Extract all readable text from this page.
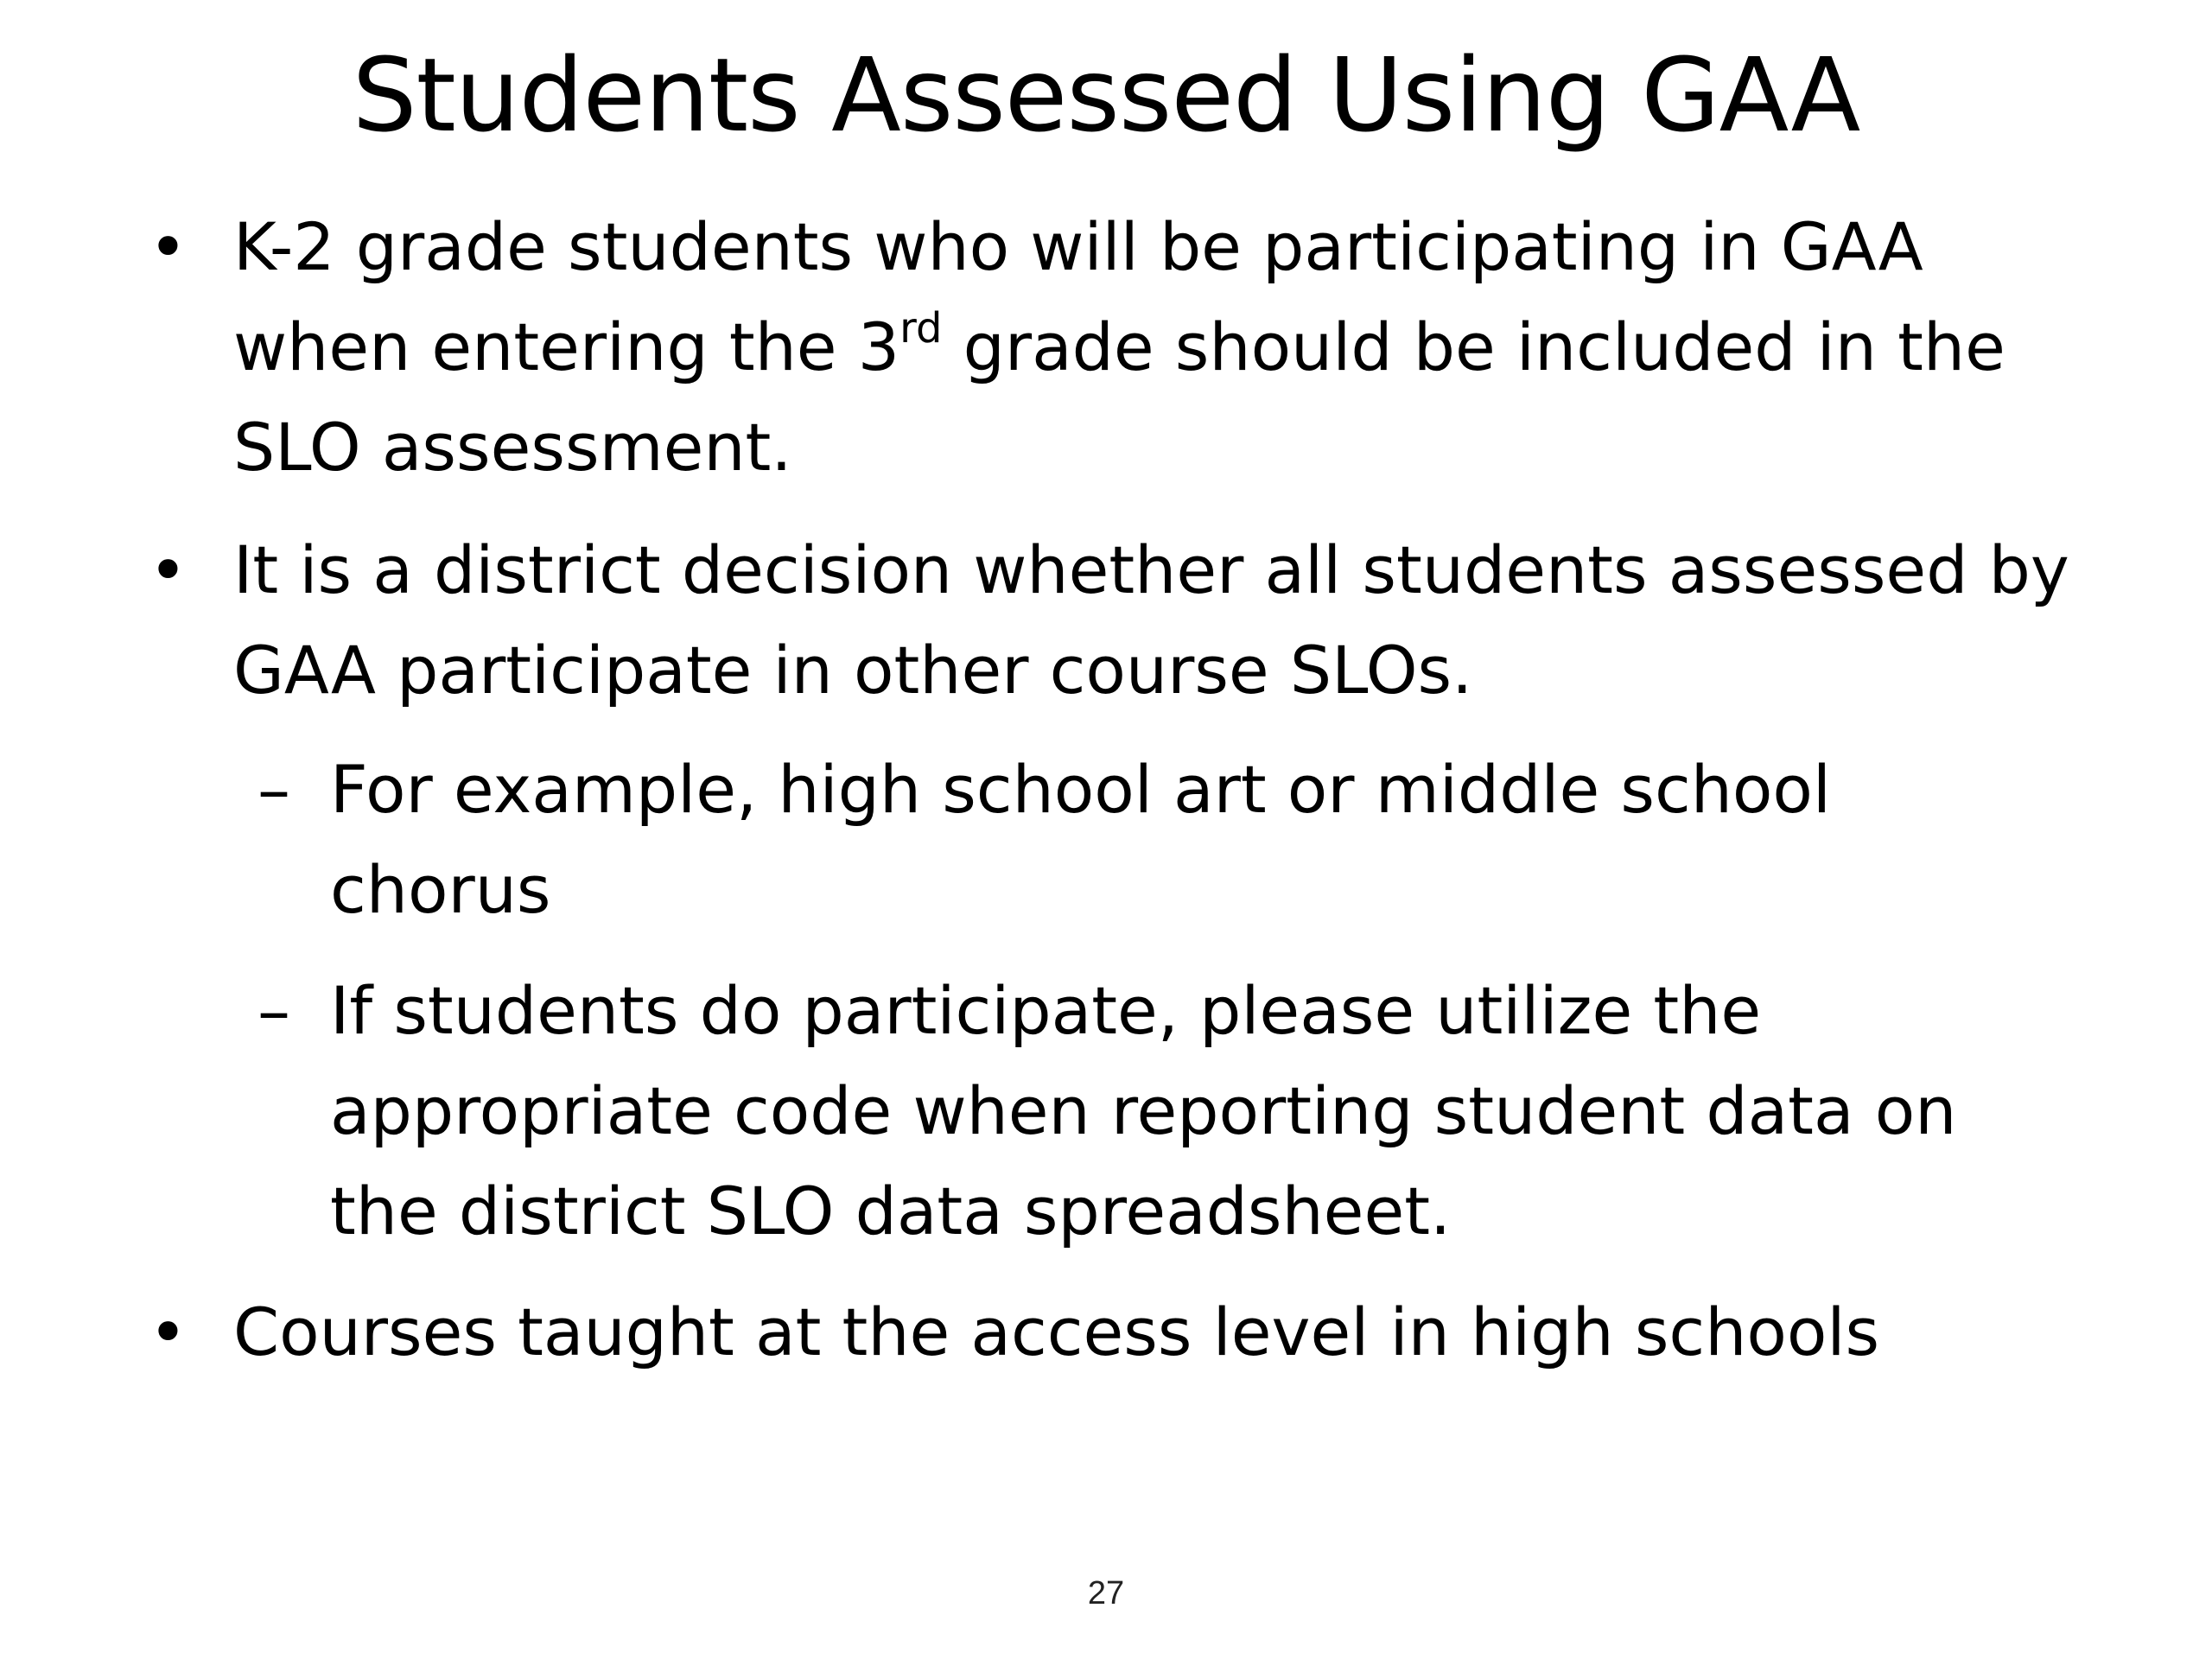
Students Assessed Using GAA
• K-2 grade students who will be participating in GAA when entering the 3rd grade should be included in the SLO assessment.
• It is a district decision whether all students assessed by GAA participate in other course SLOs.
– For example, high school art or middle school chorus
– If students do participate, please utilize the appropriate code when reporting student data on the district SLO data spreadsheet.
• Courses taught at the access level in high schools
27
